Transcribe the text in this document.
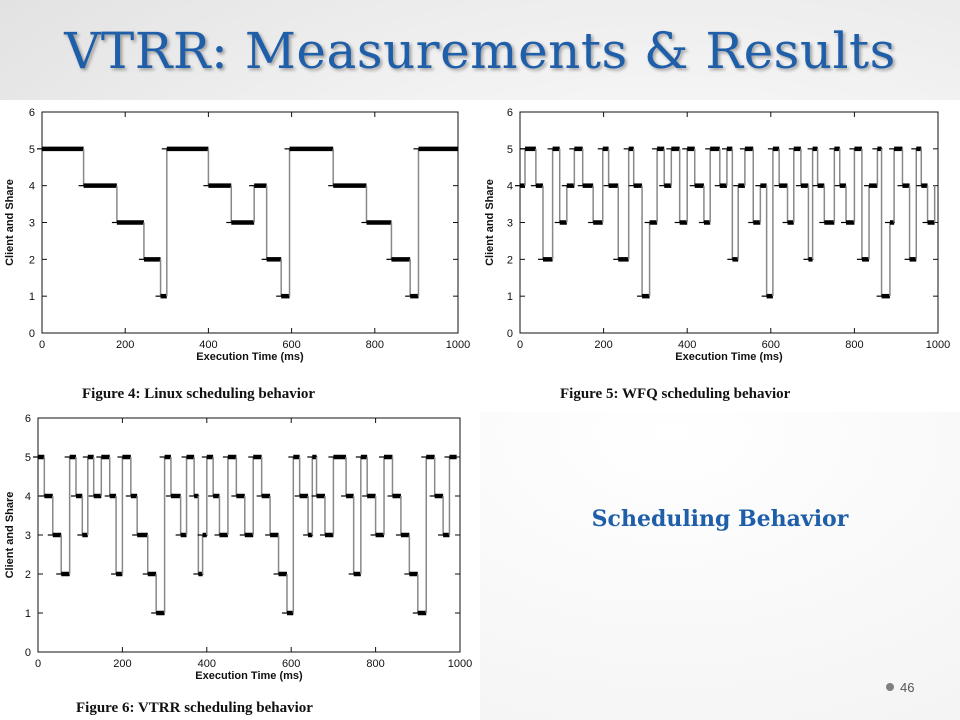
VTRR: Measurements & Results
0
1
2
3
4
5
6
0	200	400	600	800	1000
Execution Time (ms)
Client and Share
Figure 4: Linux scheduling behavior
0
1
2
3
4
5
6
0	200	400	600	800	1000
Execution Time (ms)
Client and Share
Figure 5: WFQ scheduling behavior
0
1
2
3
4
5
6
0	200	400	600	800	1000
Execution Time (ms)
Client and Share
Figure 6: VTRR scheduling behavior
Scheduling Behavior
46
